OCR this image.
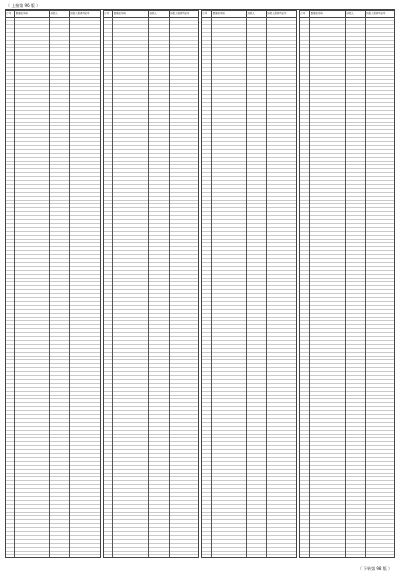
（ 上接第 96 版 ）
序号	数据位号码	纳税人	纳税人税务登记号	序号	数据位号码	纳税人	纳税人税务登记号	序号	数据位号码	纳税人	纳税人税务登记号	序号	数据位号码	纳税人	纳税人税务登记号
（ 下转第 98 版 ）
